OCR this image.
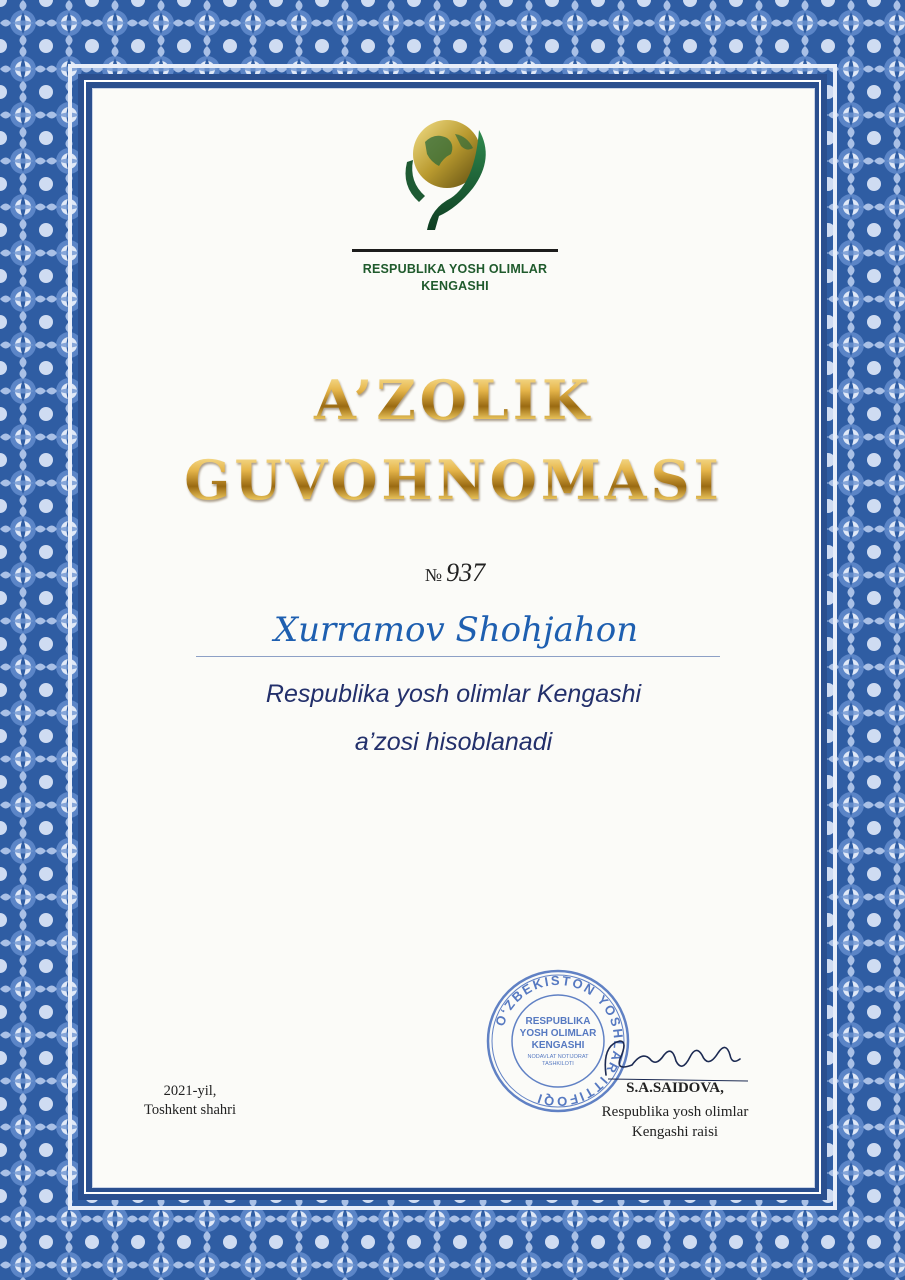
RESPUBLIKA YOSH OLIMLAR
KENGASHI
A’ZOLIK
GUVOHNOMASI
№ 937
Xurramov Shohjahon
Respublika yosh olimlar Kengashi
a’zosi hisoblanadi
2021-yil,
Toshkent shahri
O‘ZBEKISTON YOSHLAR ITTIFOQI
RESPUBLIKA
YOSH OLIMLAR
KENGASHI
NODAVLAT NOTIJORAT
TASHKILOTI
S.A.SAIDOVA,
Respublika yosh olimlar
Kengashi raisi
